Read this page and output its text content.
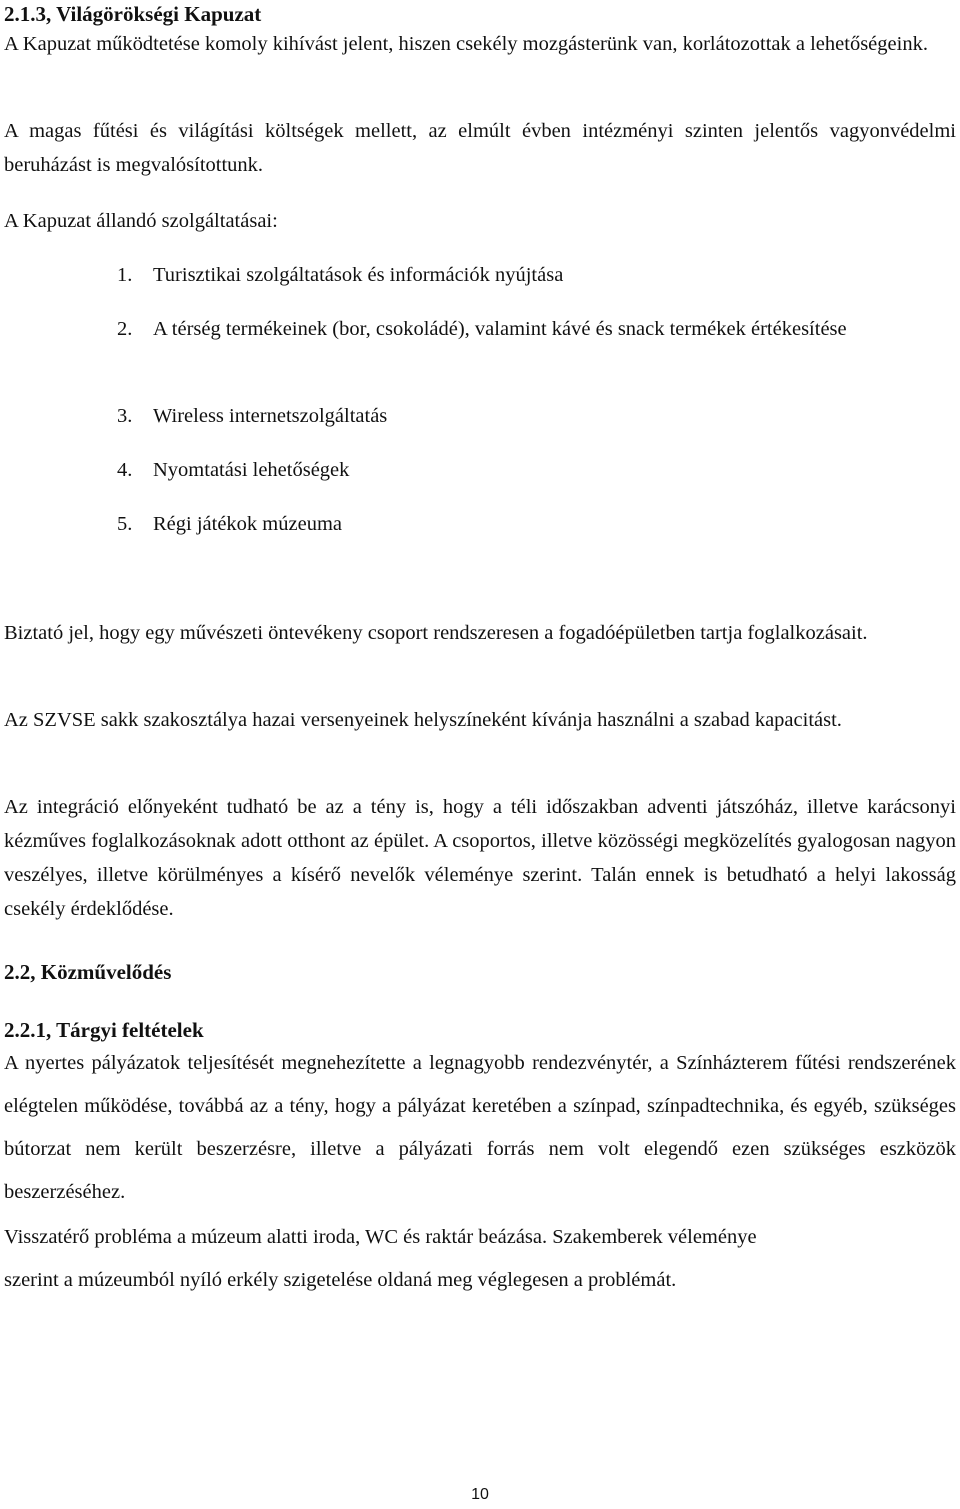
2.1.3, Világörökségi Kapuzat
A Kapuzat működtetése komoly kihívást jelent, hiszen csekély mozgásterünk van, korlátozottak a lehetőségeink.
A magas fűtési és világítási költségek mellett, az elmúlt évben intézményi szinten jelentős vagyonvédelmi beruházást is megvalósítottunk.
A Kapuzat állandó szolgáltatásai:
1. Turisztikai szolgáltatások és információk nyújtása
2. A térség termékeinek (bor, csokoládé), valamint kávé és snack termékek értékesítése
3. Wireless internetszolgáltatás
4. Nyomtatási lehetőségek
5. Régi játékok múzeuma
Biztató jel, hogy egy művészeti öntevékeny csoport rendszeresen a fogadóépületben tartja foglalkozásait.
Az SZVSE sakk szakosztálya hazai versenyeinek helyszíneként kívánja használni a szabad kapacitást.
Az integráció előnyeként tudható be az a tény is, hogy a téli időszakban adventi játszóház, illetve karácsonyi kézműves foglalkozásoknak adott otthont az épület. A csoportos, illetve közösségi megközelítés gyalogosan nagyon veszélyes, illetve körülményes a kísérő nevelők véleménye szerint. Talán ennek is betudható a helyi lakosság csekély érdeklődése.
2.2, Közművelődés
2.2.1, Tárgyi feltételek
A nyertes pályázatok teljesítését megnehezítette a legnagyobb rendezvénytér, a Színházterem fűtési rendszerének elégtelen működése, továbbá az a tény, hogy a pályázat keretében a színpad, színpadtechnika, és egyéb, szükséges bútorzat nem került beszerzésre, illetve a pályázati forrás nem volt elegendő ezen szükséges eszközök beszerzéséhez.
Visszatérő probléma a múzeum alatti iroda, WC és raktár beázása. Szakemberek véleménye
szerint a múzeumból nyíló erkély szigetelése oldaná meg véglegesen a problémát.
10
